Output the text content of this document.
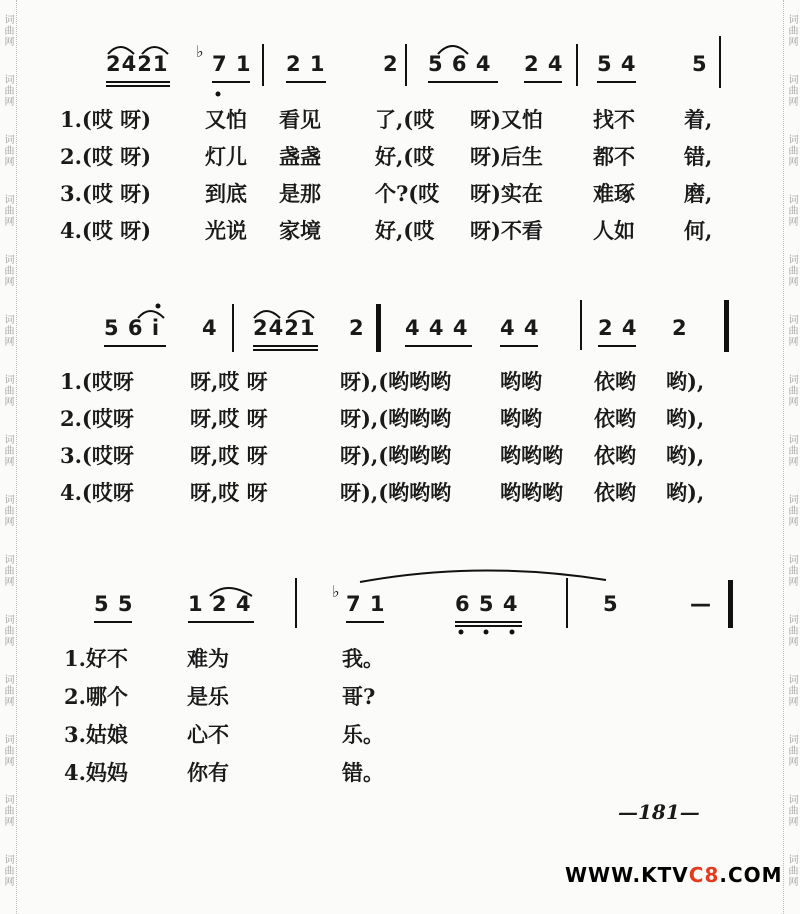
词曲网
词曲网
词曲网
词曲网
词曲网
词曲网
词曲网
词曲网
词曲网
词曲网
词曲网
词曲网
词曲网
词曲网
词曲网
词曲网
词曲网
词曲网
词曲网
词曲网
词曲网
词曲网
词曲网
词曲网
词曲网
词曲网
词曲网
词曲网
词曲网
词曲网
2421
♭
7 1 2 1	2 5 6 4 2 4 5 4	5
1.(哎 呀)	又怕 看见	了,(哎 呀)又怕 找不 着,
2.(哎 呀)	灯儿 盏盏	好,(哎 呀)后生 都不 错,
3.(哎 呀)	到底 是那	个?(哎 呀)实在 难琢 磨,
4.(哎 呀)	光说 家境	好,(哎 呀)不看 人如 何,
5 6 i 4 2421 2 4 4 4 4 4	2 4 2
1.(哎呀	呀,哎 呀	呀),(哟哟哟 哟哟 依哟 哟),
2.(哎呀	呀,哎 呀	呀),(哟哟哟 哟哟 依哟 哟),
3.(哎呀	呀,哎 呀	呀),(哟哟哟 哟哟哟 依哟 哟),
4.(哎呀	呀,哎 呀	呀),(哟哟哟 哟哟哟 依哟 哟),
5 5	1 2 4
♭
7 1	6 5 4	5	—
1.好不	难为	我。
2.哪个	是乐	哥?
3.姑娘	心不	乐。
4.妈妈	你有	错。
—181—
WWW.KTVC8.COM
